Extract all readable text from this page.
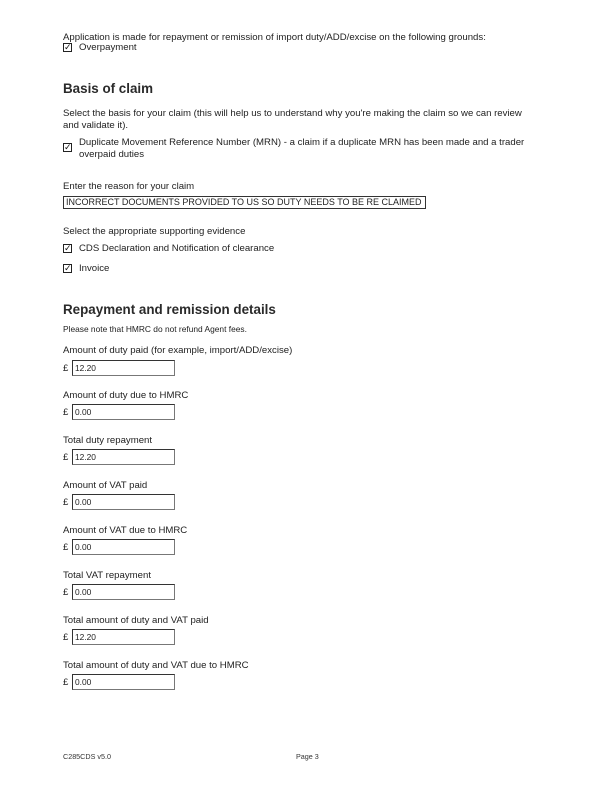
Application is made for repayment or remission of import duty/ADD/excise on the following grounds:
✓ Overpayment
Basis of claim
Select the basis for your claim (this will help us to understand why you're making the claim so we can review
and validate it).
✓ Duplicate Movement Reference Number (MRN) - a claim if a duplicate MRN has been made and a trader
overpaid duties
Enter the reason for your claim
INCORRECT DOCUMENTS PROVIDED TO US SO DUTY NEEDS TO BE RE CLAIMED
Select the appropriate supporting evidence
✓ CDS Declaration and Notification of clearance
✓ Invoice
Repayment and remission details
Please note that HMRC do not refund Agent fees.
Amount of duty paid (for example, import/ADD/excise)
£ 12.20
Amount of duty due to HMRC
£ 0.00
Total duty repayment
£ 12.20
Amount of VAT paid
£ 0.00
Amount of VAT due to HMRC
£ 0.00
Total VAT repayment
£ 0.00
Total amount of duty and VAT paid
£ 12.20
Total amount of duty and VAT due to HMRC
£ 0.00
C285CDS v5.0	Page 3
